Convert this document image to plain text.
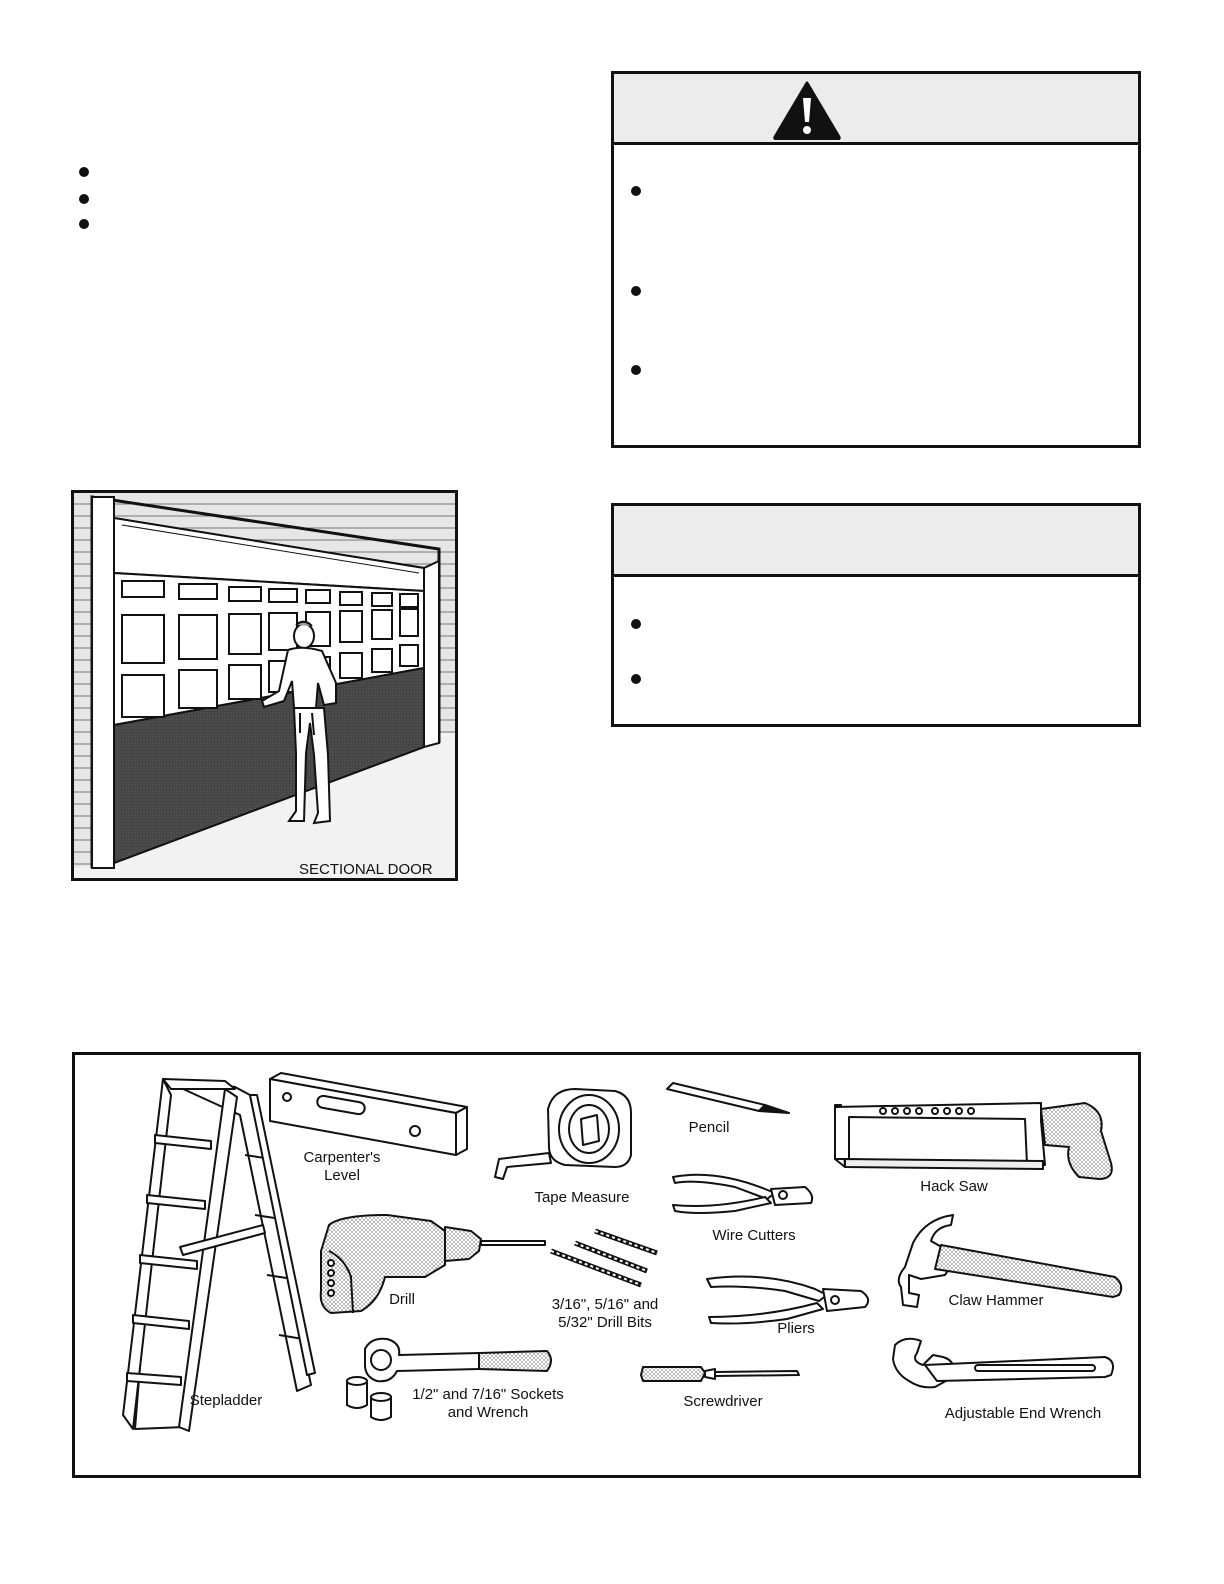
SECTIONAL DOOR
Carpenter's
Level
Tape Measure
Pencil
Hack Saw
Wire Cutters
Drill	3/16", 5/16" and
5/32" Drill Bits
Claw Hammer
Pliers
Stepladder	1/2" and 7/16" Sockets
and Wrench
Screwdriver
Adjustable End Wrench
